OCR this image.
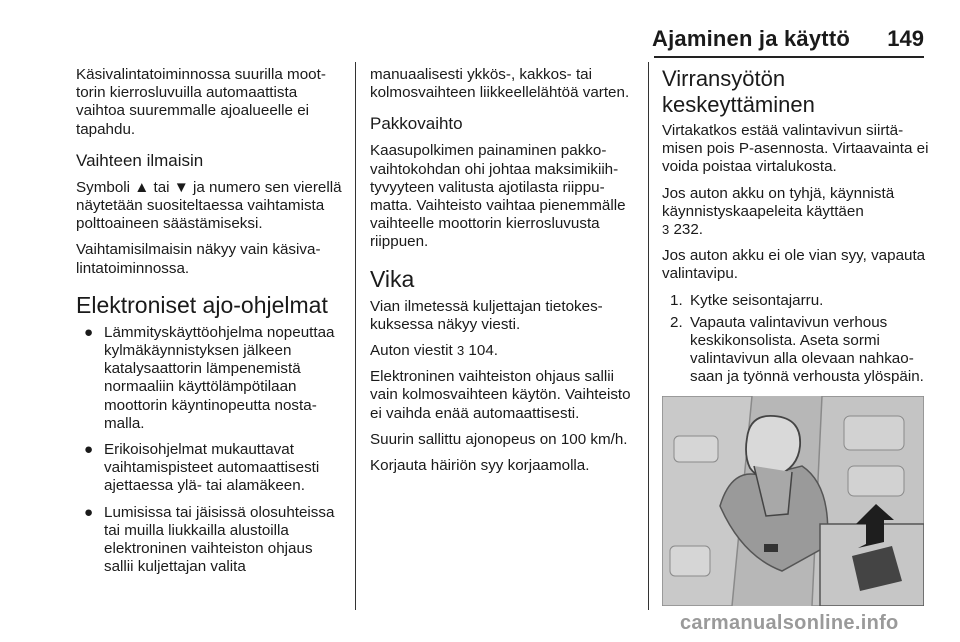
Ajaminen ja käyttö 149

Käsivalintatoiminnossa suurilla moottorin kierrosluvuilla automaattista vaihtoa suuremmalle ajoalueelle ei tapahdu.

Vaihteen ilmaisin

Symboli ▲ tai ▼ ja numero sen vierellä näytetään suositeltaessa vaihtamista polttoaineen säästämiseksi.

Vaihtamisilmaisin näkyy vain käsivalintatoiminnossa.

Elektroniset ajo-ohjelmat
● Lämmityskäyttöohjelma nopeuttaa kylmäkäynnistyksen jälkeen katalysaattorin lämpenemistä normaaliin käyttölämpötilaan moottorin käyntinopeutta nostamalla.
● Erikoisohjelmat mukauttavat vaihtamispisteet automaattisesti ajettaessa ylä- tai alamäkeen.
● Lumisissa tai jäisissä olosuhteissa tai muilla liukkailla alustoilla elektroninen vaihteiston ohjaus sallii kuljettajan valita

manuaalisesti ykkös-, kakkos- tai kolmosvaihteen liikkeellelähtöä varten.

Pakkovaihto

Kaasupolkimen painaminen pakkovaihtokohdan ohi johtaa maksimikiihtyvyyteen valitusta ajotilasta riippumatta. Vaihteisto vaihtaa pienemmälle vaihteelle moottorin kierrosluvusta riippuen.

Vika

Vian ilmetessä kuljettajan tietokeskuksessa näkyy viesti.

Auton viestit 3 104.

Elektroninen vaihteiston ohjaus sallii vain kolmosvaihteen käytön. Vaihteisto ei vaihda enää automaattisesti.

Suurin sallittu ajonopeus on 100 km/h.

Korjauta häiriön syy korjaamolla.

Virransyötön keskeyttäminen

Virtakatkos estää valintavivun siirtämisen pois P-asennosta. Virtaavainta ei voida poistaa virtalukosta.

Jos auton akku on tyhjä, käynnistä käynnistyskaapeleita käyttäen
3 232.

Jos auton akku ei ole vian syy, vapauta valintavipu.

1. Kytke seisontajarru.
2. Vapauta valintavivun verhous keskikonsolista. Aseta sormi valintavivun alla olevaan nahkaosaan ja työnnä verhousta ylöspäin.
carmanualsonline.info
